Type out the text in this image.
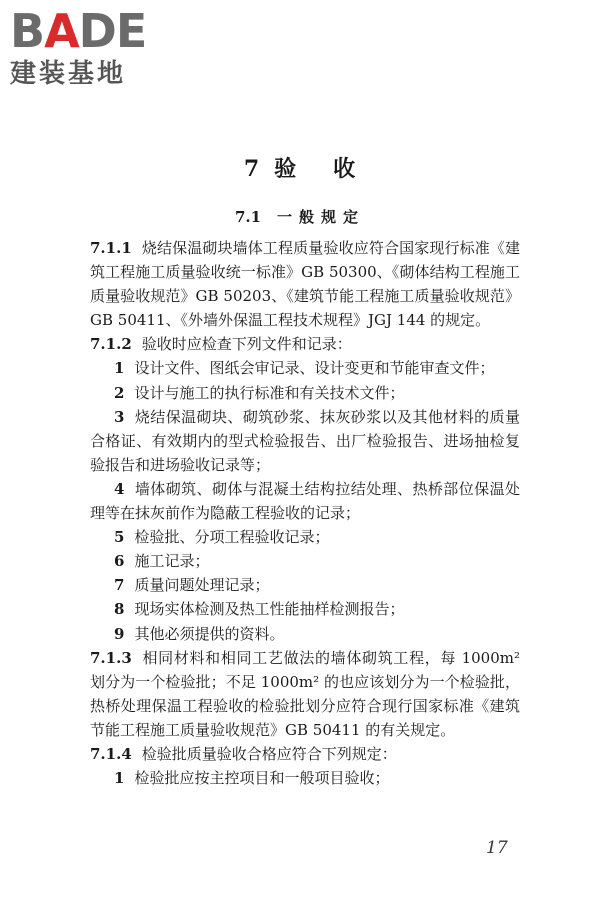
BADE
建装基地
7 验 收
7.1 一般规定
7.1.1 烧结保温砌块墙体工程质量验收应符合国家现行标准《建筑工程施工质量验收统一标准》GB 50300、《砌体结构工程施工质量验收规范》GB 50203、《建筑节能工程施工质量验收规范》GB 50411、《外墙外保温工程技术规程》JGJ 144 的规定。
7.1.2 验收时应检查下列文件和记录：
1 设计文件、图纸会审记录、设计变更和节能审查文件；
2 设计与施工的执行标准和有关技术文件；
3 烧结保温砌块、砌筑砂浆、抹灰砂浆以及其他材料的质量合格证、有效期内的型式检验报告、出厂检验报告、进场抽检复验报告和进场验收记录等；
4 墙体砌筑、砌体与混凝土结构拉结处理、热桥部位保温处理等在抹灰前作为隐蔽工程验收的记录；
5 检验批、分项工程验收记录；
6 施工记录；
7 质量问题处理记录；
8 现场实体检测及热工性能抽样检测报告；
9 其他必须提供的资料。
7.1.3 相同材料和相同工艺做法的墙体砌筑工程，每 1000m² 划分为一个检验批；不足 1000m² 的也应该划分为一个检验批，热桥处理保温工程验收的检验批划分应符合现行国家标准《建筑节能工程施工质量验收规范》GB 50411 的有关规定。
7.1.4 检验批质量验收合格应符合下列规定：
1 检验批应按主控项目和一般项目验收；
17
